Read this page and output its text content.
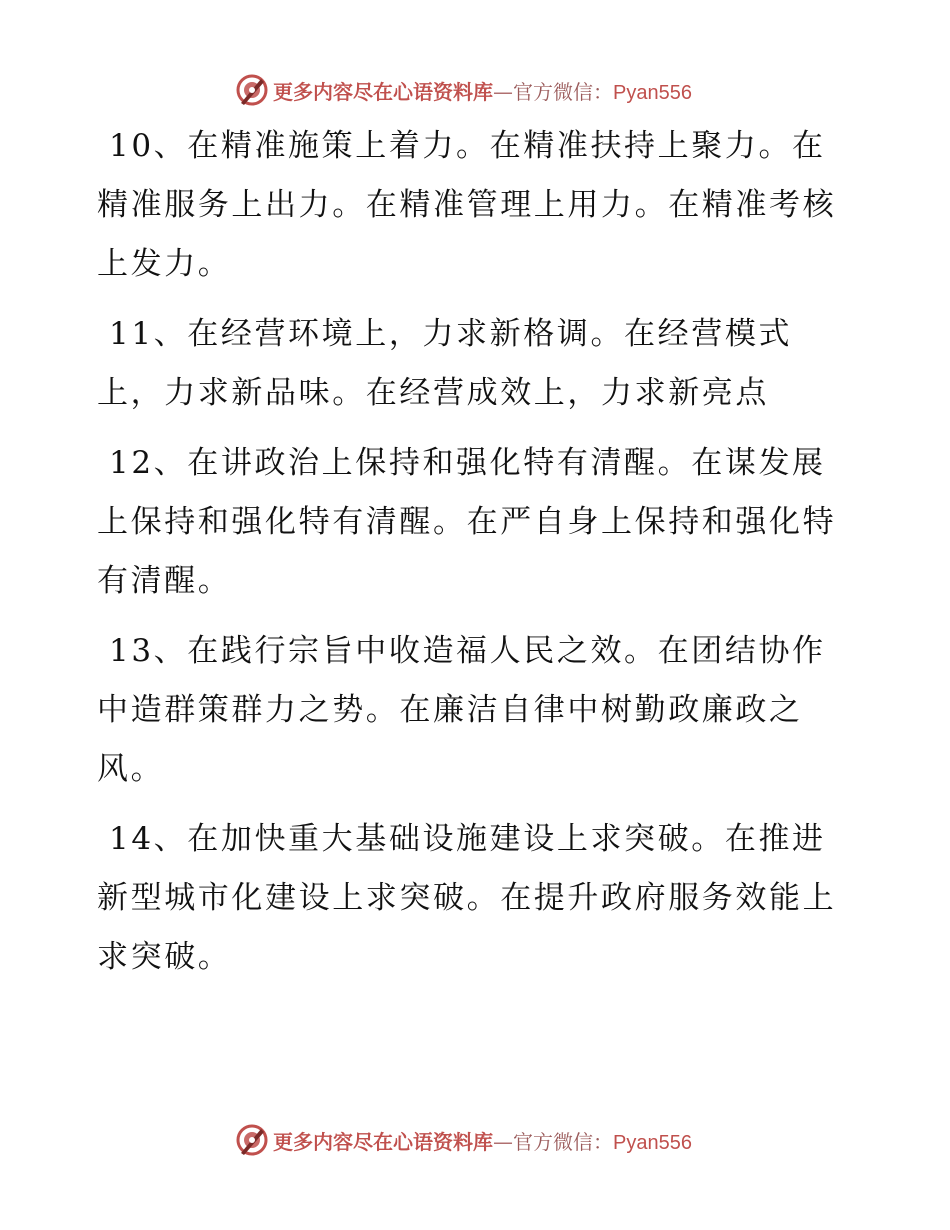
更多内容尽在心语资料库—官方微信：Pyan556

10、在精准施策上着力。在精准扶持上聚力。在精准服务上出力。在精准管理上用力。在精准考核上发力。

11、在经营环境上，力求新格调。在经营模式上，力求新品味。在经营成效上，力求新亮点

12、在讲政治上保持和强化特有清醒。在谋发展上保持和强化特有清醒。在严自身上保持和强化特有清醒。

13、在践行宗旨中收造福人民之效。在团结协作中造群策群力之势。在廉洁自律中树勤政廉政之风。

14、在加快重大基础设施建设上求突破。在推进新型城市化建设上求突破。在提升政府服务效能上求突破。

更多内容尽在心语资料库—官方微信：Pyan556
